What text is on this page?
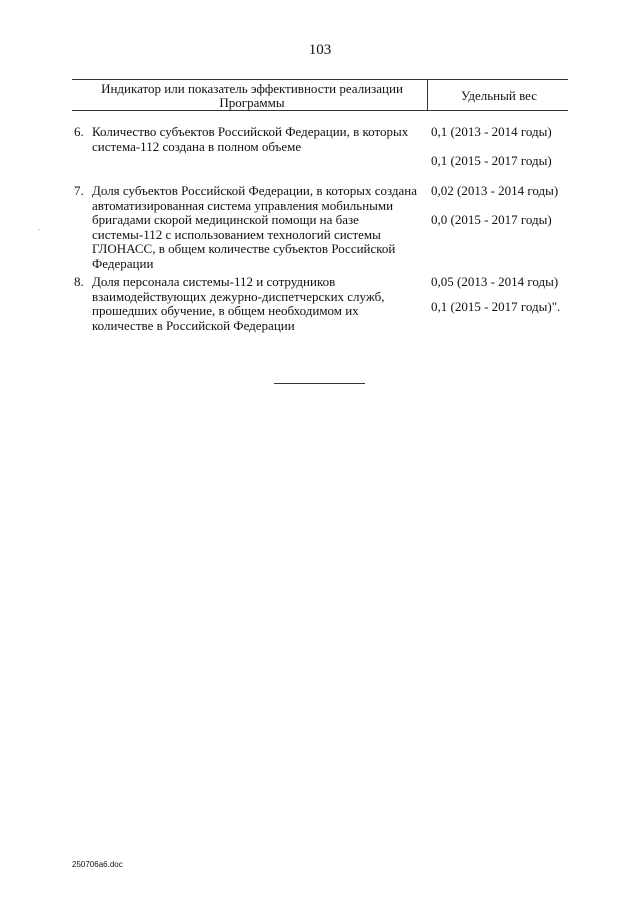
103
Индикатор или показатель эффективности реализации Программы	Удельный вес
6. Количество субъектов Российской Федерации, в которых система-112 создана в полном объеме
0,1 (2013 - 2014 годы)
0,1 (2015 - 2017 годы)
7. Доля субъектов Российской Федерации, в которых создана автоматизированная система управления мобильными бригадами скорой медицинской помощи на базе системы-112 с использованием технологий системы ГЛОНАСС, в общем количестве субъектов Российской Федерации
0,02 (2013 - 2014 годы)
0,0 (2015 - 2017 годы)
-
8. Доля персонала системы-112 и сотрудников взаимодействующих дежурно-диспетчерских служб, прошедших обучение, в общем необходимом их количестве в Российской Федерации
0,05 (2013 - 2014 годы)
0,1 (2015 - 2017 годы)".
250706a6.doc
